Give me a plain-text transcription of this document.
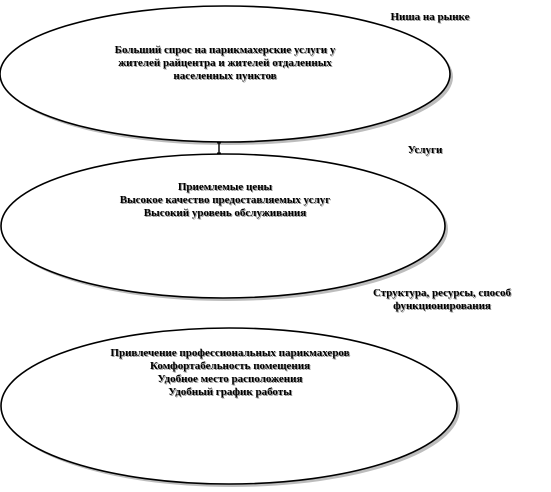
Ниша на рынке
Больший спрос на парикмахерские услуги у
жителей райцентра и жителей отдаленных
населенных пунктов
Услуги
Приемлемые цены
Высокое качество предоставляемых услуг
Высокий уровень обслуживания
Структура, ресурсы, способ
функционирования
Привлечение профессиональных парикмахеров
Комфортабельность помещения
Удобное место расположения
Удобный график работы
